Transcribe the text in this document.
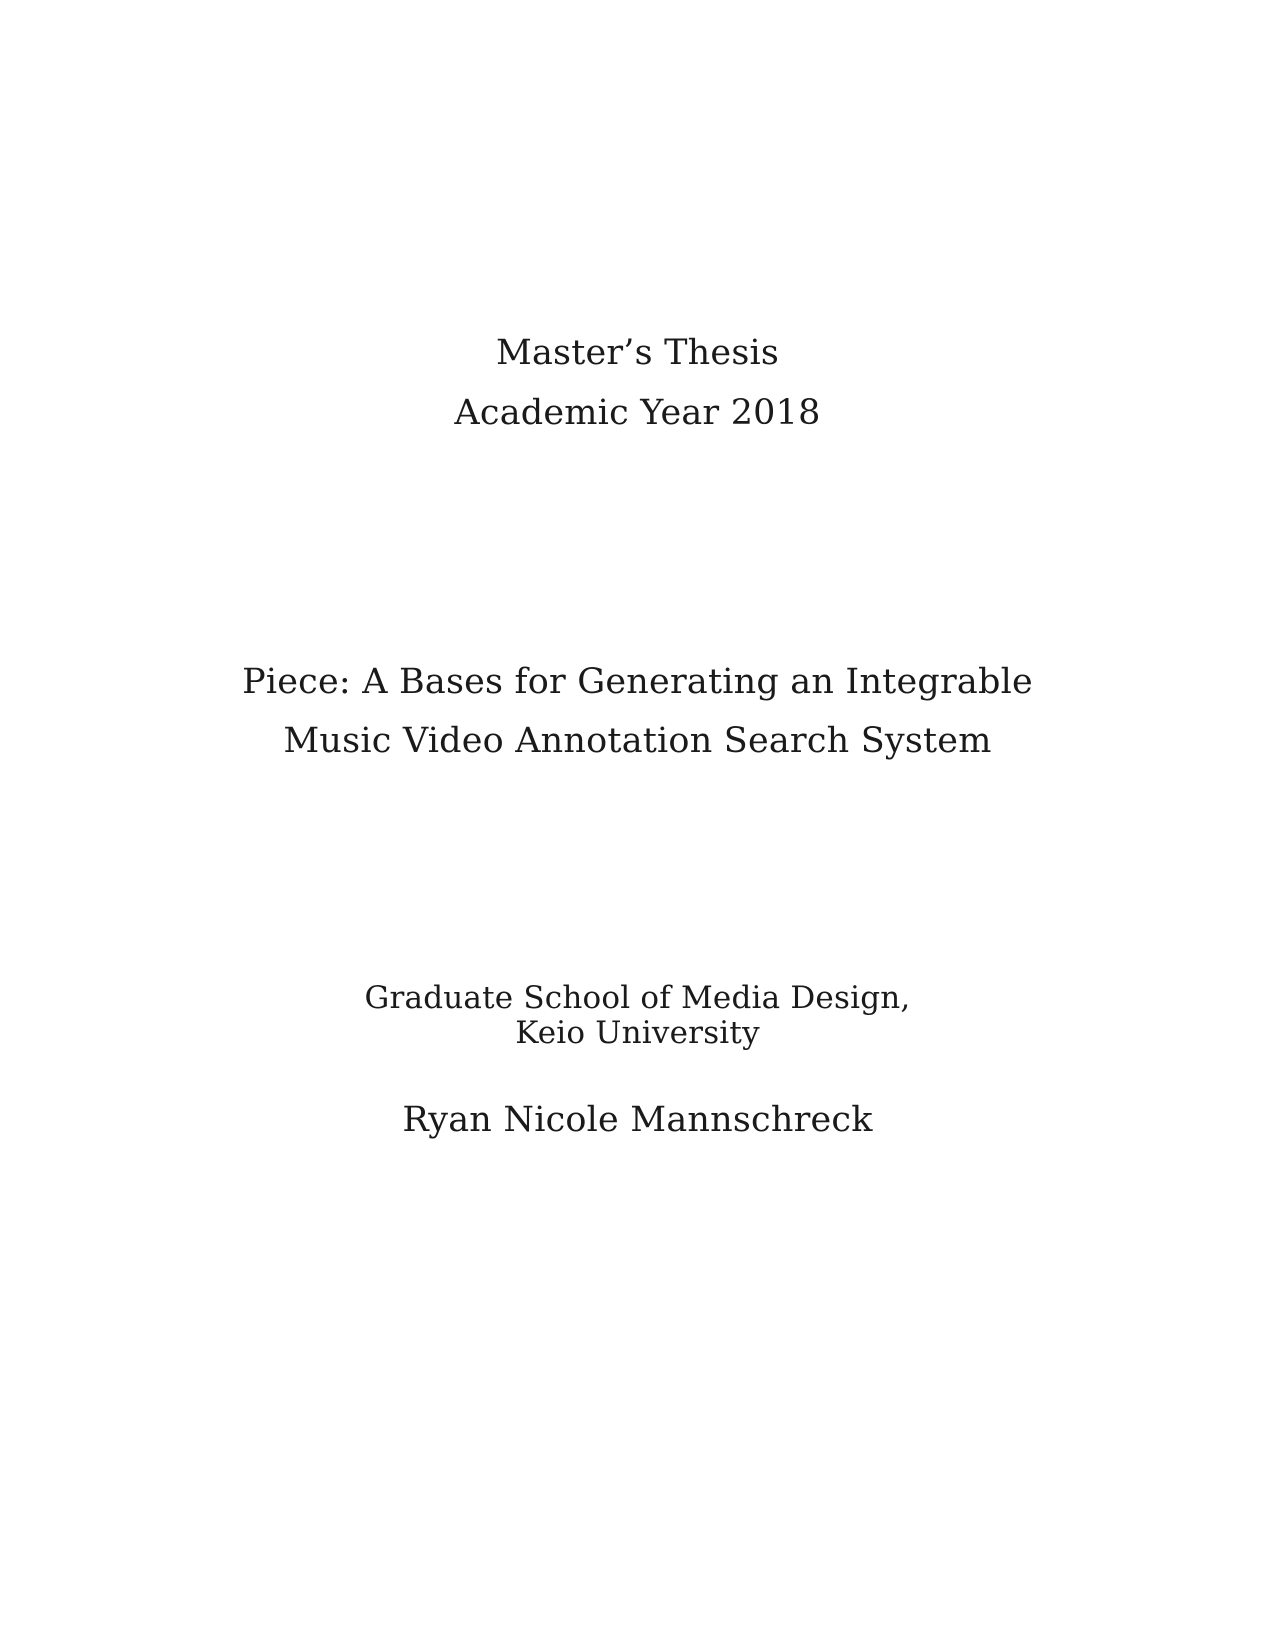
Master’s Thesis
Academic Year 2018
Piece: A Bases for Generating an Integrable
Music Video Annotation Search System
Graduate School of Media Design,
Keio University
Ryan Nicole Mannschreck
